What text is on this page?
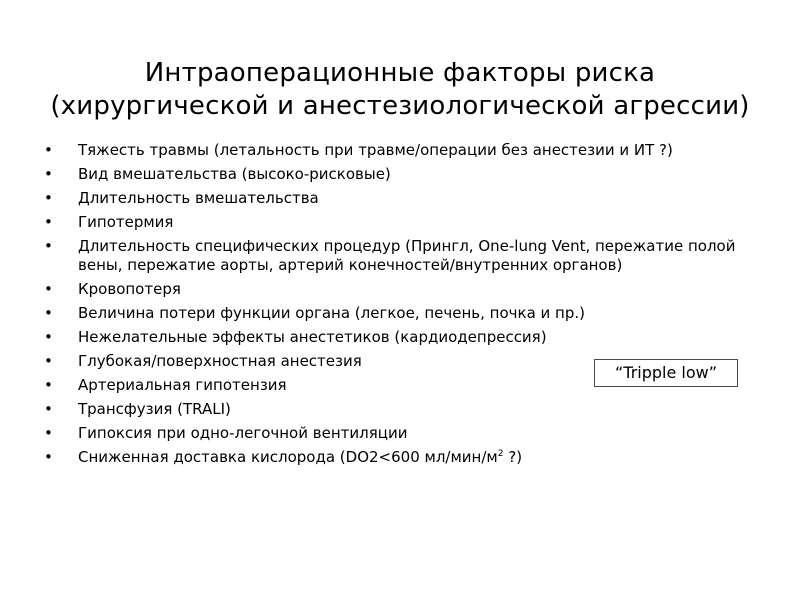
Интраоперационные факторы риска
(хирургической и анестезиологической агрессии)
• Тяжесть травмы (летальность при травме/операции без анестезии и ИТ ?)
• Вид вмешательства (высоко-рисковые)
• Длительность вмешательства
• Гипотермия
• Длительность специфических процедур (Прингл, One-lung Vent, пережатие полой вены, пережатие аорты, артерий конечностей/внутренних органов)
• Кровопотеря
• Величина потери функции органа (легкое, печень, почка и пр.)
• Нежелательные эффекты анестетиков (кардиодепрессия)
• Глубокая/поверхностная анестезия
• Артериальная гипотензия
• Трансфузия (TRALI)
• Гипоксия при одно-легочной вентиляции
• Сниженная доставка кислорода (DO2<600 $мл/мин/м^2$ ?)
“Tripple low”
